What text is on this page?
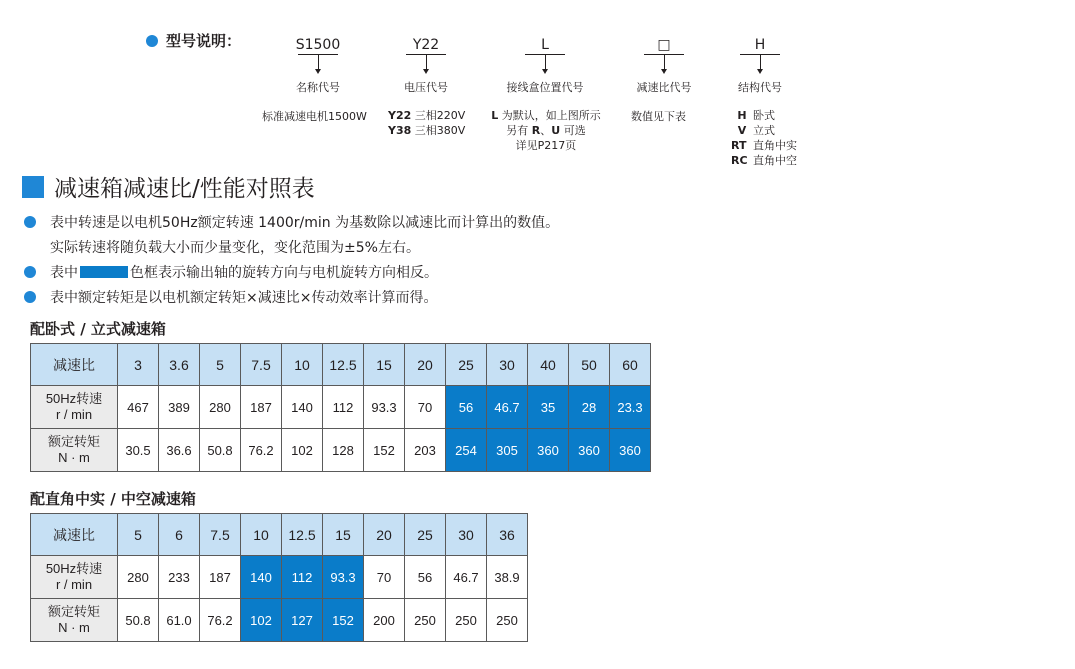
型号说明：	S1500
名称代号
标准减速电机1500W
Y22
电压代号
Y22 三相220V
Y38 三相380V
L
接线盒位置代号
L 为默认，如上图所示
另有 R、U 可选
详见P217页
□
减速比代号
数值见下表
H
结构代号
H 卧式
V 立式
RT 直角中实
RC 直角中空
减速箱减速比/性能对照表
表中转速是以电机50Hz额定转速 1400r/min 为基数除以减速比而计算出的数值。
实际转速将随负载大小而少量变化，变化范围为±5%左右。
表中	色框表示输出轴的旋转方向与电机旋转方向相反。
表中额定转矩是以电机额定转矩×减速比×传动效率计算而得。
配卧式 / 立式减速箱
减速比	3	3.6	5	7.5	10	12.5	15	20	25	30	40	50	60

50Hz转速
r / min	467	389	280	187	140	112	93.3	70	56	46.7	35	28	23.3

额定转矩
N · m	30.5	36.6	50.8	76.2	102	128	152	203	254	305	360	360	360
配直角中实 / 中空减速箱
减速比	5	6	7.5	10	12.5	15	20	25	30	36

50Hz转速
r / min	280	233	187	140	112	93.3	70	56	46.7	38.9

额定转矩
N · m	50.8	61.0	76.2	102	127	152	200	250	250	250
